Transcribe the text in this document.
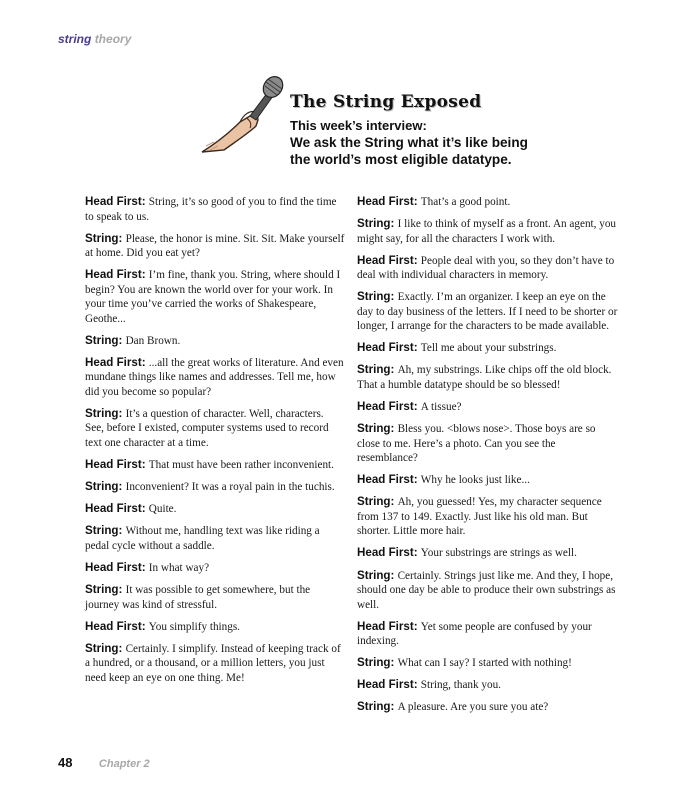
string theory
The String Exposed
This week’s interview:
We ask the String what it’s like being the world’s most eligible datatype.

Head First: String, it’s so good of you to find the time to speak to us.

String: Please, the honor is mine. Sit. Sit. Make yourself at home. Did you eat yet?

Head First: I’m fine, thank you. String, where should I begin? You are known the world over for your work. In your time you’ve carried the works of Shakespeare, Geothe...

String: Dan Brown.

Head First: ...all the great works of literature. And even mundane things like names and addresses. Tell me, how did you become so popular?

String: It’s a question of character. Well, characters. See, before I existed, computer systems used to record text one character at a time.

Head First: That must have been rather inconvenient.

String: Inconvenient? It was a royal pain in the tuchis.

Head First: Quite.

String: Without me, handling text was like riding a pedal cycle without a saddle.

Head First: In what way?

String: It was possible to get somewhere, but the journey was kind of stressful.

Head First: You simplify things.

String: Certainly. I simplify. Instead of keeping track of a hundred, or a thousand, or a million letters, you just need keep an eye on one thing. Me!

Head First: That’s a good point.

String: I like to think of myself as a front. An agent, you might say, for all the characters I work with.

Head First: People deal with you, so they don’t have to deal with individual characters in memory.

String: Exactly. I’m an organizer. I keep an eye on the day to day business of the letters. If I need to be shorter or longer, I arrange for the characters to be made available.

Head First: Tell me about your substrings.

String: Ah, my substrings. Like chips off the old block. That a humble datatype should be so blessed!

Head First: A tissue?

String: Bless you. <blows nose>. Those boys are so close to me. Here’s a photo. Can you see the resemblance?

Head First: Why he looks just like...

String: Ah, you guessed! Yes, my character sequence from 137 to 149. Exactly. Just like his old man. But shorter. Little more hair.

Head First: Your substrings are strings as well.

String: Certainly. Strings just like me. And they, I hope, should one day be able to produce their own substrings as well.

Head First: Yet some people are confused by your indexing.

String: What can I say? I started with nothing!

Head First: String, thank you.

String: A pleasure. Are you sure you ate?

48 Chapter 2
